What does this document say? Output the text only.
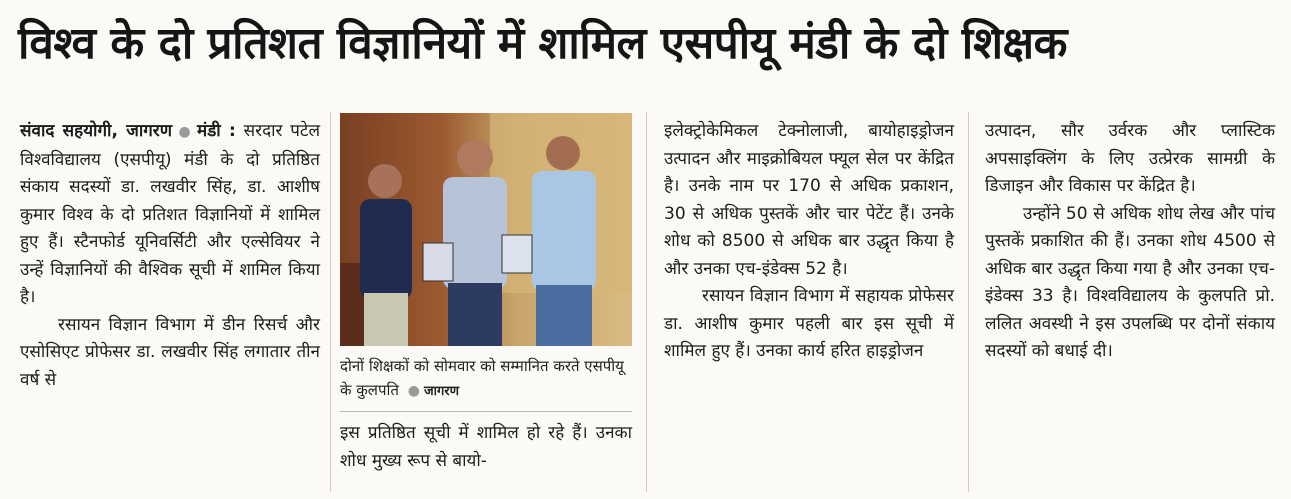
विश्व के दो प्रतिशत विज्ञानियों में शामिल एसपीयू मंडी के दो शिक्षक

संवाद सहयोगी, जागरण ● मंडी : सरदार पटेल विश्वविद्यालय (एसपीयू) मंडी के दो प्रतिष्ठित संकाय सदस्यों डा. लखवीर सिंह, डा. आशीष कुमार विश्व के दो प्रतिशत विज्ञानियों में शामिल हुए हैं। स्टैनफोर्ड यूनिवर्सिटी और एल्सेवियर ने उन्हें विज्ञानियों की वैश्विक सूची में शामिल किया है।

रसायन विज्ञान विभाग में डीन रिसर्च और एसोसिएट प्रोफेसर डा. लखवीर सिंह लगातार तीन वर्ष से

दोनों शिक्षकों को सोमवार को सम्मानित करते एसपीयू के कुलपति ● जागरण

इस प्रतिष्ठित सूची में शामिल हो रहे हैं। उनका शोध मुख्य रूप से बायो-

इलेक्ट्रोकेमिकल टेक्नोलाजी, बायोहाइड्रोजन उत्पादन और माइक्रोबियल फ्यूल सेल पर केंद्रित है। उनके नाम पर 170 से अधिक प्रकाशन, 30 से अधिक पुस्तकें और चार पेटेंट हैं। उनके शोध को 8500 से अधिक बार उद्धृत किया है और उनका एच-इंडेक्स 52 है।

रसायन विज्ञान विभाग में सहायक प्रोफेसर डा. आशीष कुमार पहली बार इस सूची में शामिल हुए हैं। उनका कार्य हरित हाइड्रोजन

उत्पादन, सौर उर्वरक और प्लास्टिक अपसाइक्लिंग के लिए उत्प्रेरक सामग्री के डिजाइन और विकास पर केंद्रित है।

उन्होंने 50 से अधिक शोध लेख और पांच पुस्तकें प्रकाशित की हैं। उनका शोध 4500 से अधिक बार उद्धृत किया गया है और उनका एच-इंडेक्स 33 है। विश्वविद्यालय के कुलपति प्रो. ललित अवस्थी ने इस उपलब्धि पर दोनों संकाय सदस्यों को बधाई दी।
